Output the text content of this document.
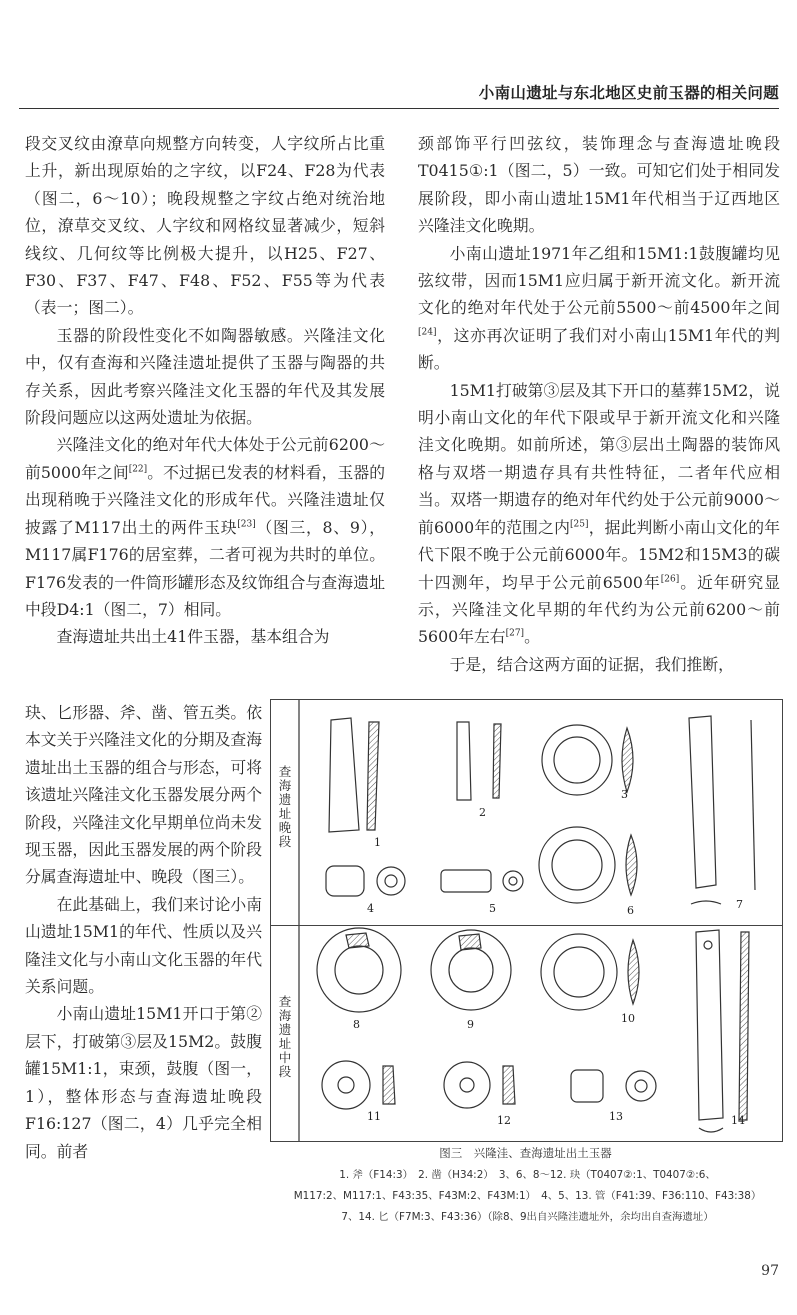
小南山遗址与东北地区史前玉器的相关问题

段交叉纹由潦草向规整方向转变，人字纹所占比重上升，新出现原始的之字纹，以F24、F28为代表（图二，6～10）；晚段规整之字纹占绝对统治地位，潦草交叉纹、人字纹和网格纹显著减少，短斜线纹、几何纹等比例极大提升，以H25、F27、F30、F37、F47、F48、F52、F55等为代表（表一；图二）。

玉器的阶段性变化不如陶器敏感。兴隆洼文化中，仅有查海和兴隆洼遗址提供了玉器与陶器的共存关系，因此考察兴隆洼文化玉器的年代及其发展阶段问题应以这两处遗址为依据。

兴隆洼文化的绝对年代大体处于公元前6200～前5000年之间[22]。不过据已发表的材料看，玉器的出现稍晚于兴隆洼文化的形成年代。兴隆洼遗址仅披露了M117出土的两件玉玦[23]（图三，8、9），M117属F176的居室葬，二者可视为共时的单位。F176发表的一件筒形罐形态及纹饰组合与查海遗址中段D4:1（图二，7）相同。

查海遗址共出土41件玉器，基本组合为

玦、匕形器、斧、凿、管五类。依本文关于兴隆洼文化的分期及查海遗址出土玉器的组合与形态，可将该遗址兴隆洼文化玉器发展分两个阶段，兴隆洼文化早期单位尚未发现玉器，因此玉器发展的两个阶段分属查海遗址中、晚段（图三）。

在此基础上，我们来讨论小南山遗址15M1的年代、性质以及兴隆洼文化与小南山文化玉器的年代关系问题。

小南山遗址15M1开口于第②层下，打破第③层及15M2。鼓腹罐15M1:1，束颈，鼓腹（图一，1），整体形态与查海遗址晚段F16:127（图二，4）几乎完全相同。前者

颈部饰平行凹弦纹，装饰理念与查海遗址晚段T0415①:1（图二，5）一致。可知它们处于相同发展阶段，即小南山遗址15M1年代相当于辽西地区兴隆洼文化晚期。

小南山遗址1971年乙组和15M1:1鼓腹罐均见弦纹带，因而15M1应归属于新开流文化。新开流文化的绝对年代处于公元前5500～前4500年之间[24]，这亦再次证明了我们对小南山15M1年代的判断。

15M1打破第③层及其下开口的墓葬15M2，说明小南山文化的年代下限或早于新开流文化和兴隆洼文化晚期。如前所述，第③层出土陶器的装饰风格与双塔一期遗存具有共性特征，二者年代应相当。双塔一期遗存的绝对年代约处于公元前9000～前6000年的范围之内[25]，据此判断小南山文化的年代下限不晚于公元前6000年。15M2和15M3的碳十四测年，均早于公元前6500年[26]。近年研究显示，兴隆洼文化早期的年代约为公元前6200～前5600年左右[27]。

于是，结合这两方面的证据，我们推断，

查
海
遗
址
晚
段
查
海
遗
址
中
段
1
2
3
4	5	6	7
8	9	10
11	12	13	14
图三　兴隆洼、查海遗址出土玉器
1. 斧（F14:3）　2. 凿（H34:2）　3、6、8～12. 玦（T0407②:1、T0407②:6、
M117:2、M117:1、F43:35、F43M:2、F43M:1）　4、5、13. 管（F41:39、F36:110、F43:38）
7、14. 匕（F7M:3、F43:36）（除8、9出自兴隆洼遗址外，余均出自查海遗址）
97
